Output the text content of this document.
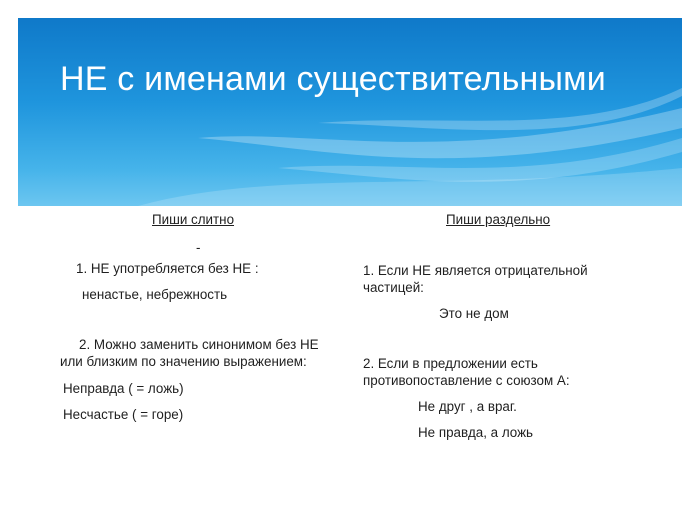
НЕ с именами существительными
Пиши слитно
-
1. НЕ употребляется без НЕ :
ненастье, небрежность
2. Можно заменить синонимом без НЕ
или близким по значению выражением:
Неправда ( = ложь)
Несчастье ( = горе)
Пиши раздельно
1. Если НЕ является отрицательной
частицей:
Это не дом
2. Если в предложении есть
противопоставление с союзом А:
Не друг , а враг.
Не правда, а ложь
